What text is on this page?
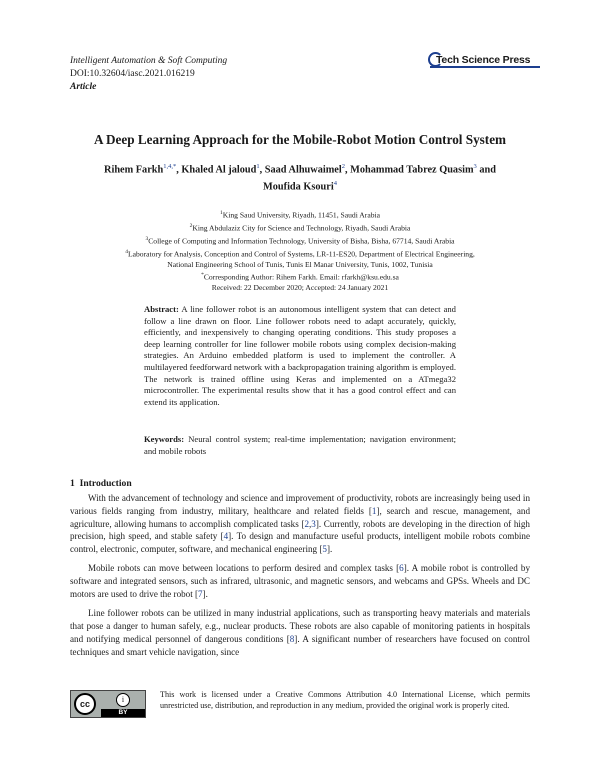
Intelligent Automation & Soft Computing
DOI:10.32604/iasc.2021.016219
Article
Tech Science Press
A Deep Learning Approach for the Mobile-Robot Motion Control System
Rihem Farkh$^{1,4,*}$, Khaled Al jaloud$^1$, Saad Alhuwaimel$^2$, Mohammad Tabrez Quasim$^3$ and
Moufida Ksouri$^4$
$^1$King Saud University, Riyadh, 11451, Saudi Arabia
$^2$King Abdulaziz City for Science and Technology, Riyadh, Saudi Arabia
$^3$College of Computing and Information Technology, University of Bisha, Bisha, 67714, Saudi Arabia
$^4$Laboratory for Analysis, Conception and Control of Systems, LR-11-ES20, Department of Electrical Engineering,
National Engineering School of Tunis, Tunis El Manar University, Tunis, 1002, Tunisia
*Corresponding Author: Rihem Farkh. Email: rfarkh@ksu.edu.sa
Received: 22 December 2020; Accepted: 24 January 2021
Abstract: A line follower robot is an autonomous intelligent system that can detect and follow a line drawn on floor. Line follower robots need to adapt accurately, quickly, efficiently, and inexpensively to changing operating conditions. This study proposes a deep learning controller for line follower mobile robots using complex decision-making strategies. An Arduino embedded platform is used to implement the controller. A multilayered feedforward network with a backpropagation training algorithm is employed. The network is trained offline using Keras and implemented on a ATmega32 microcontroller. The experimental results show that it has a good control effect and can extend its application.
Keywords: Neural control system; real-time implementation; navigation environment; and mobile robots
1 Introduction

With the advancement of technology and science and improvement of productivity, robots are increasingly being used in various fields ranging from industry, military, healthcare and related fields [1], search and rescue, management, and agriculture, allowing humans to accomplish complicated tasks [2,3]. Currently, robots are developing in the direction of high precision, high speed, and stable safety [4]. To design and manufacture useful products, intelligent mobile robots combine control, electronic, computer, software, and mechanical engineering [5].

Mobile robots can move between locations to perform desired and complex tasks [6]. A mobile robot is controlled by software and integrated sensors, such as infrared, ultrasonic, and magnetic sensors, and webcams and GPSs. Wheels and DC motors are used to drive the robot [7].

Line follower robots can be utilized in many industrial applications, such as transporting heavy materials and materials that pose a danger to human safely, e.g., nuclear products. These robots are also capable of monitoring patients in hospitals and notifying medical personnel of dangerous conditions [8]. A significant number of researchers have focused on control techniques and smart vehicle navigation, since

cc	i
BY
This work is licensed under a Creative Commons Attribution 4.0 International License, which permits unrestricted use, distribution, and reproduction in any medium, provided the original work is properly cited.
